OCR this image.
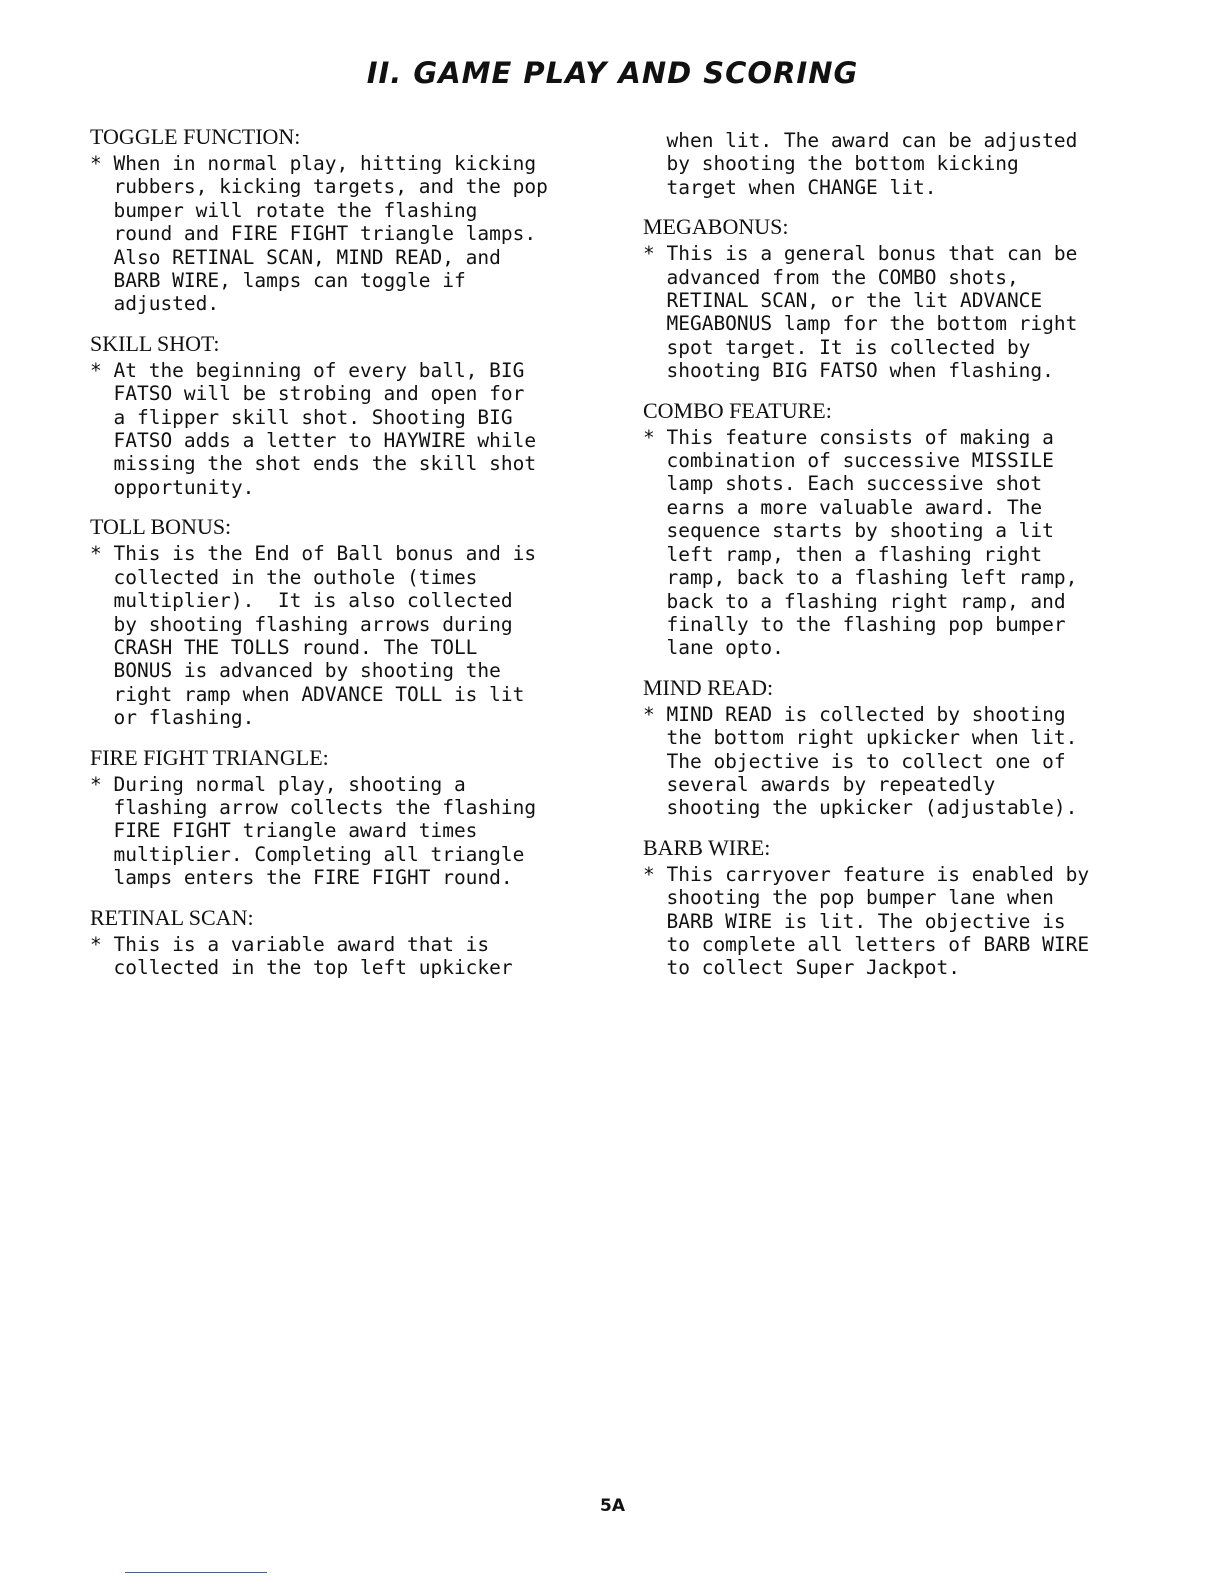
II. GAME PLAY AND SCORING
TOGGLE FUNCTION:

* When in normal play, hitting kicking
rubbers, kicking targets, and the pop
bumper will rotate the flashing
round and FIRE FIGHT triangle lamps.
Also RETINAL SCAN, MIND READ, and
BARB WIRE, lamps can toggle if
adjusted.

SKILL SHOT:

* At the beginning of every ball, BIG
FATSO will be strobing and open for
a flipper skill shot. Shooting BIG
FATSO adds a letter to HAYWIRE while
missing the shot ends the skill shot
opportunity.

TOLL BONUS:

* This is the End of Ball bonus and is
collected in the outhole (times
multiplier).  It is also collected
by shooting flashing arrows during
CRASH THE TOLLS round. The TOLL
BONUS is advanced by shooting the
right ramp when ADVANCE TOLL is lit
or flashing.

FIRE FIGHT TRIANGLE:

* During normal play, shooting a
flashing arrow collects the flashing
FIRE FIGHT triangle award times
multiplier. Completing all triangle
lamps enters the FIRE FIGHT round.

RETINAL SCAN:

* This is a variable award that is
collected in the top left upkicker

when lit. The award can be adjusted
by shooting the bottom kicking
target when CHANGE lit.

MEGABONUS:

* This is a general bonus that can be
advanced from the COMBO shots,
RETINAL SCAN, or the lit ADVANCE
MEGABONUS lamp for the bottom right
spot target. It is collected by
shooting BIG FATSO when flashing.

COMBO FEATURE:

* This feature consists of making a
combination of successive MISSILE
lamp shots. Each successive shot
earns a more valuable award. The
sequence starts by shooting a lit
left ramp, then a flashing right
ramp, back to a flashing left ramp,
back to a flashing right ramp, and
finally to the flashing pop bumper
lane opto.

MIND READ:

* MIND READ is collected by shooting
the bottom right upkicker when lit.
The objective is to collect one of
several awards by repeatedly
shooting the upkicker (adjustable).

BARB WIRE:

* This carryover feature is enabled by
shooting the pop bumper lane when
BARB WIRE is lit. The objective is
to complete all letters of BARB WIRE
to collect Super Jackpot.

5A
